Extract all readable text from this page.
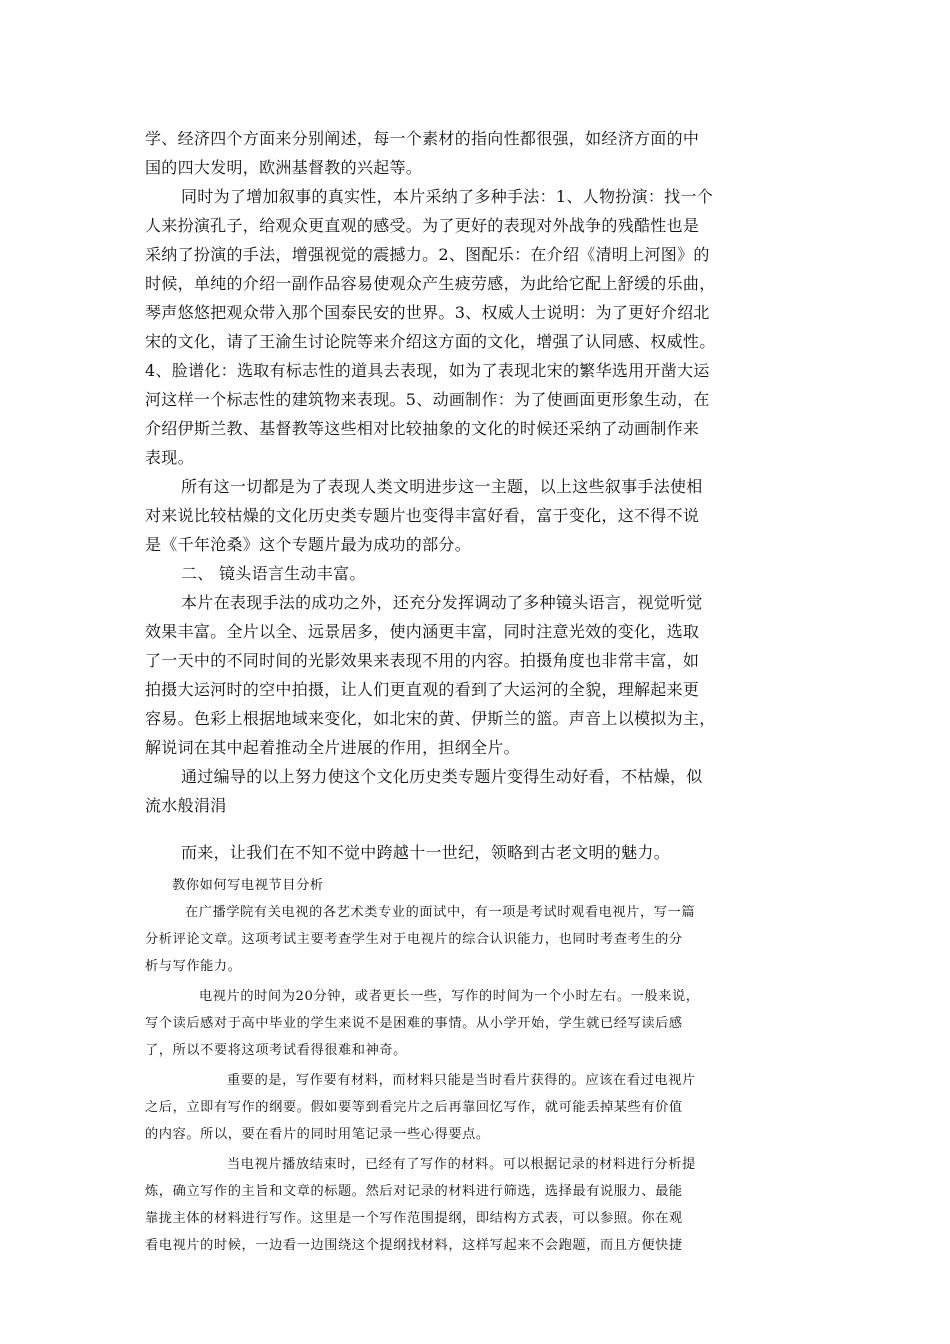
学、经济四个方面来分别阐述，每一个素材的指向性都很强，如经济方面的中
国的四大发明，欧洲基督教的兴起等。
同时为了增加叙事的真实性，本片采纳了多种手法：1、人物扮演：找一个
人来扮演孔子，给观众更直观的感受。为了更好的表现对外战争的残酷性也是
采纳了扮演的手法，增强视觉的震撼力。2、图配乐：在介绍《清明上河图》的
时候，单纯的介绍一副作品容易使观众产生疲劳感，为此给它配上舒缓的乐曲，
琴声悠悠把观众带入那个国泰民安的世界。3、权威人士说明：为了更好介绍北
宋的文化，请了王渝生讨论院等来介绍这方面的文化，增强了认同感、权威性。
4、脸谱化：选取有标志性的道具去表现，如为了表现北宋的繁华选用开凿大运
河这样一个标志性的建筑物来表现。5、动画制作：为了使画面更形象生动，在
介绍伊斯兰教、基督教等这些相对比较抽象的文化的时候还采纳了动画制作来
表现。
所有这一切都是为了表现人类文明进步这一主题，以上这些叙事手法使相
对来说比较枯燥的文化历史类专题片也变得丰富好看，富于变化，这不得不说
是《千年沧桑》这个专题片最为成功的部分。
二、 镜头语言生动丰富。
本片在表现手法的成功之外，还充分发挥调动了多种镜头语言，视觉听觉
效果丰富。全片以全、远景居多，使内涵更丰富，同时注意光效的变化，选取
了一天中的不同时间的光影效果来表现不用的内容。拍摄角度也非常丰富，如
拍摄大运河时的空中拍摄，让人们更直观的看到了大运河的全貌，理解起来更
容易。色彩上根据地域来变化，如北宋的黄、伊斯兰的篮。声音上以模拟为主，
解说词在其中起着推动全片进展的作用，担纲全片。
通过编导的以上努力使这个文化历史类专题片变得生动好看，不枯燥，似
流水般涓涓
而来，让我们在不知不觉中跨越十一世纪，领略到古老文明的魅力。
教你如何写电视节目分析
在广播学院有关电视的各艺术类专业的面试中，有一项是考试时观看电视片，写一篇
分析评论文章。这项考试主要考查学生对于电视片的综合认识能力，也同时考查考生的分
析与写作能力。
电视片的时间为20分钟，或者更长一些，写作的时间为一个小时左右。一般来说，
写个读后感对于高中毕业的学生来说不是困难的事情。从小学开始，学生就已经写读后感
了，所以不要将这项考试看得很难和神奇。
重要的是，写作要有材料，而材料只能是当时看片获得的。应该在看过电视片
之后，立即有写作的纲要。假如要等到看完片之后再靠回忆写作，就可能丢掉某些有价值
的内容。所以，要在看片的同时用笔记录一些心得要点。
当电视片播放结束时，已经有了写作的材料。可以根据记录的材料进行分析提
炼，确立写作的主旨和文章的标题。然后对记录的材料进行筛选，选择最有说服力、最能
靠拢主体的材料进行写作。这里是一个写作范围提纲，即结构方式表，可以参照。你在观
看电视片的时候，一边看一边围绕这个提纲找材料，这样写起来不会跑题，而且方便快捷
